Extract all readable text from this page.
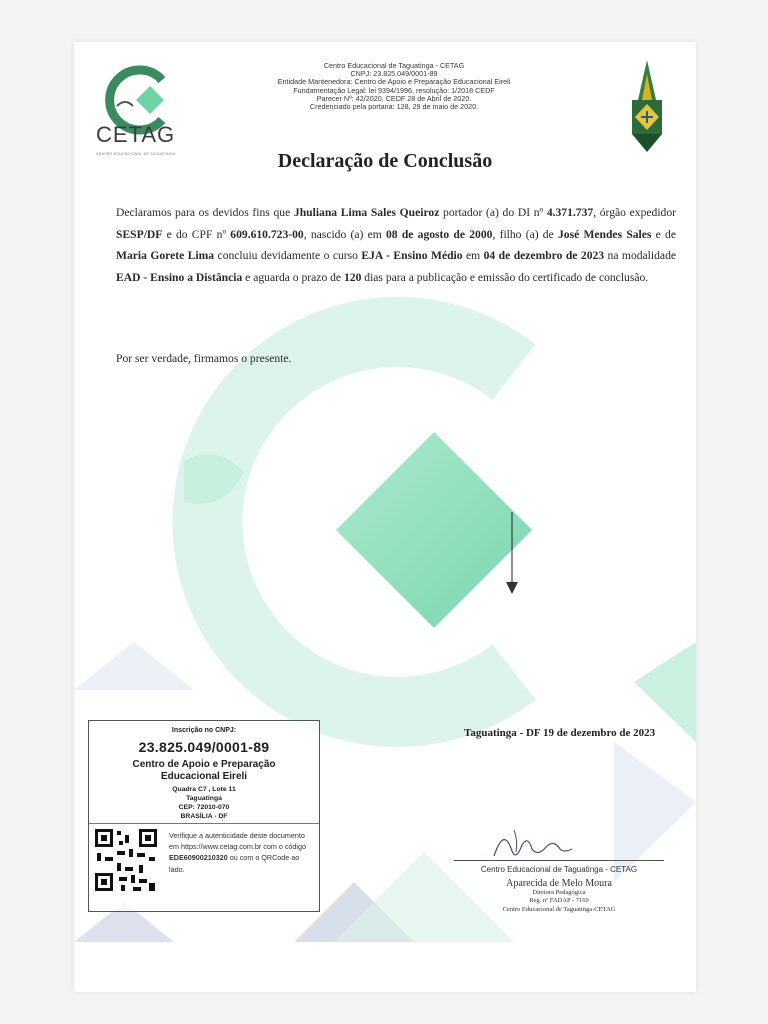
CETAG
CENTRO EDUCACIONAL DE TAGUATINGA
Centro Educacional de Taguatinga - CETAG
CNPJ: 23.825.049/0001-89
Entidade Mantenedora: Centro de Apoio e Preparação Educacional Eireli
Fundamentação Legal: lei 9394/1996, resolução: 1/2018 CEDF
Parecer Nº: 42/2020, CEDF 28 de Abril de 2020.
Credenciado pela portaria: 128, 29 de maio de 2020.
Declaração de Conclusão
Declaramos para os devidos fins que Jhuliana Lima Sales Queiroz portador (a) do DI nº 4.371.737, órgão expedidor SESP/DF e do CPF nº 609.610.723-00, nascido (a) em 08 de agosto de 2000, filho (a) de José Mendes Sales e de Maria Gorete Lima concluiu devidamente o curso EJA - Ensino Médio em 04 de dezembro de 2023 na modalidade EAD - Ensino a Distância e aguarda o prazo de 120 dias para a publicação e emissão do certificado de conclusão.
Por ser verdade, firmamos o presente.
Taguatinga - DF 19 de dezembro de 2023
Inscrição no CNPJ:
23.825.049/0001-89
Centro de Apoio e Preparação
Educacional Eireli
Quadra C7 , Lote 11
Taguatinga
CEP: 72010-070
BRASÍLIA - DF
Verifique a autenticidade deste documento em https://www.cetag.com.br com o código EDE60900210320 ou com o QRCode ao lado.	Centro Educacional de Taguatinga - CETAG
Aparecida de Melo Moura
Diretora Pedagógica
Reg. nº FADAP - 7169
Centro Educacional de Taguatinga-CETAG
